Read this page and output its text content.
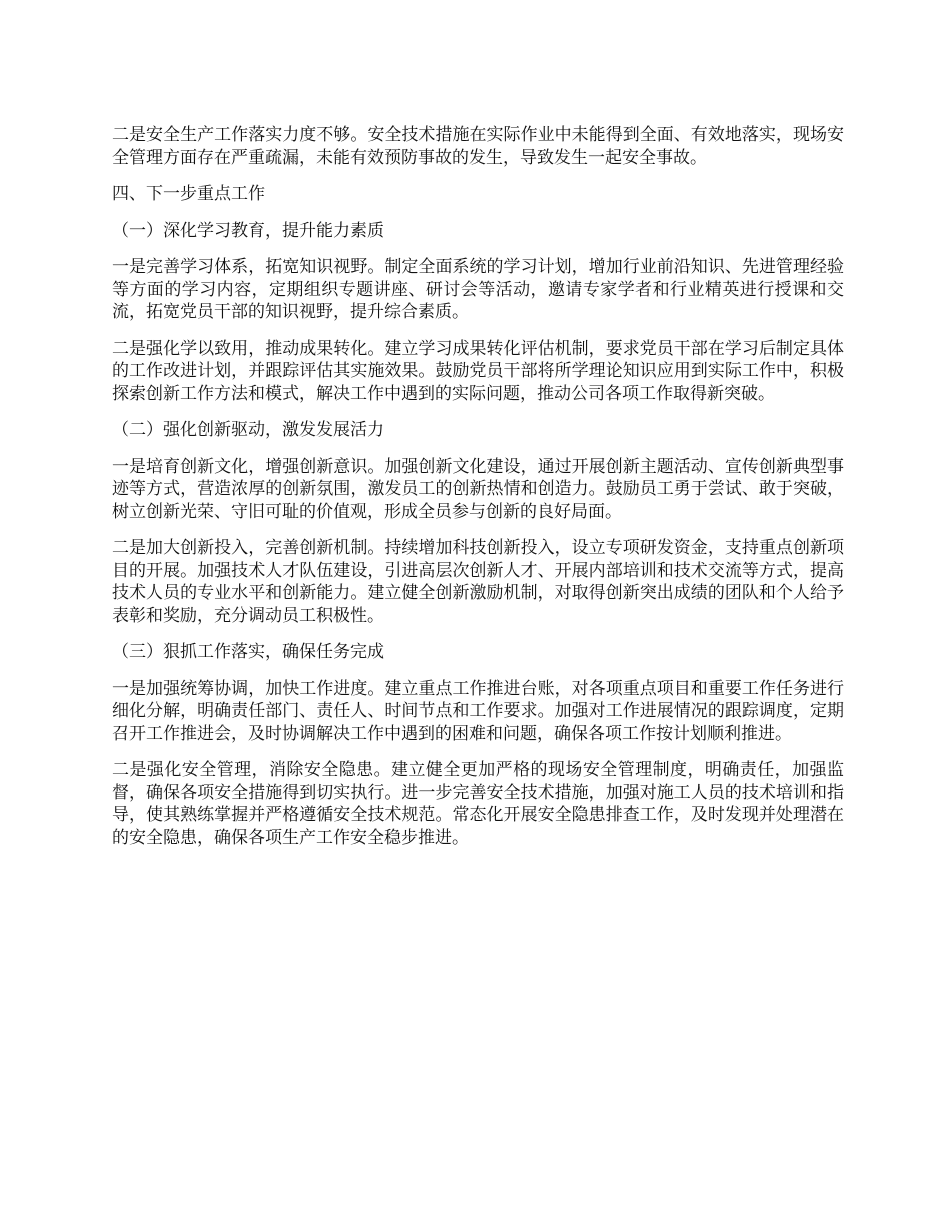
二是安全生产工作落实力度不够。安全技术措施在实际作业中未能得到全面、有效地落实，现场安全管理方面存在严重疏漏，未能有效预防事故的发生，导致发生一起安全事故。

四、下一步重点工作

（一）深化学习教育，提升能力素质

一是完善学习体系，拓宽知识视野。制定全面系统的学习计划，增加行业前沿知识、先进管理经验等方面的学习内容，定期组织专题讲座、研讨会等活动，邀请专家学者和行业精英进行授课和交流，拓宽党员干部的知识视野，提升综合素质。

二是强化学以致用，推动成果转化。建立学习成果转化评估机制，要求党员干部在学习后制定具体的工作改进计划，并跟踪评估其实施效果。鼓励党员干部将所学理论知识应用到实际工作中，积极探索创新工作方法和模式，解决工作中遇到的实际问题，推动公司各项工作取得新突破。

（二）强化创新驱动，激发发展活力

一是培育创新文化，增强创新意识。加强创新文化建设，通过开展创新主题活动、宣传创新典型事迹等方式，营造浓厚的创新氛围，激发员工的创新热情和创造力。鼓励员工勇于尝试、敢于突破，树立创新光荣、守旧可耻的价值观，形成全员参与创新的良好局面。

二是加大创新投入，完善创新机制。持续增加科技创新投入，设立专项研发资金，支持重点创新项目的开展。加强技术人才队伍建设，引进高层次创新人才、开展内部培训和技术交流等方式，提高技术人员的专业水平和创新能力。建立健全创新激励机制，对取得创新突出成绩的团队和个人给予表彰和奖励，充分调动员工积极性。

（三）狠抓工作落实，确保任务完成

一是加强统筹协调，加快工作进度。建立重点工作推进台账，对各项重点项目和重要工作任务进行细化分解，明确责任部门、责任人、时间节点和工作要求。加强对工作进展情况的跟踪调度，定期召开工作推进会，及时协调解决工作中遇到的困难和问题，确保各项工作按计划顺利推进。

二是强化安全管理，消除安全隐患。建立健全更加严格的现场安全管理制度，明确责任，加强监督，确保各项安全措施得到切实执行。进一步完善安全技术措施，加强对施工人员的技术培训和指导，使其熟练掌握并严格遵循安全技术规范。常态化开展安全隐患排查工作，及时发现并处理潜在的安全隐患，确保各项生产工作安全稳步推进。
